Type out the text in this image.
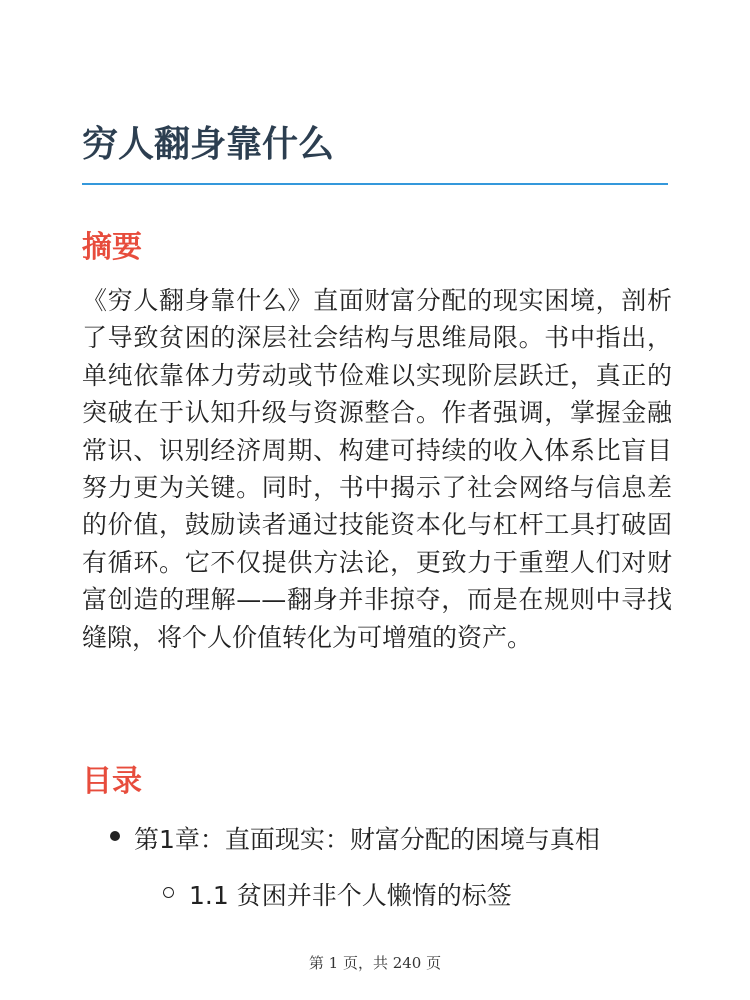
穷人翻身靠什么
摘要

《穷人翻身靠什么》直面财富分配的现实困境，剖析了导致贫困的深层社会结构与思维局限。书中指出，单纯依靠体力劳动或节俭难以实现阶层跃迁，真正的突破在于认知升级与资源整合。作者强调，掌握金融常识、识别经济周期、构建可持续的收入体系比盲目努力更为关键。同时，书中揭示了社会网络与信息差的价值，鼓励读者通过技能资本化与杠杆工具打破固有循环。它不仅提供方法论，更致力于重塑人们对财富创造的理解——翻身并非掠夺，而是在规则中寻找缝隙，将个人价值转化为可增殖的资产。

目录
第1章：直面现实：财富分配的困境与真相
1.1 贫困并非个人懒惰的标签
第 1 页，共 240 页
